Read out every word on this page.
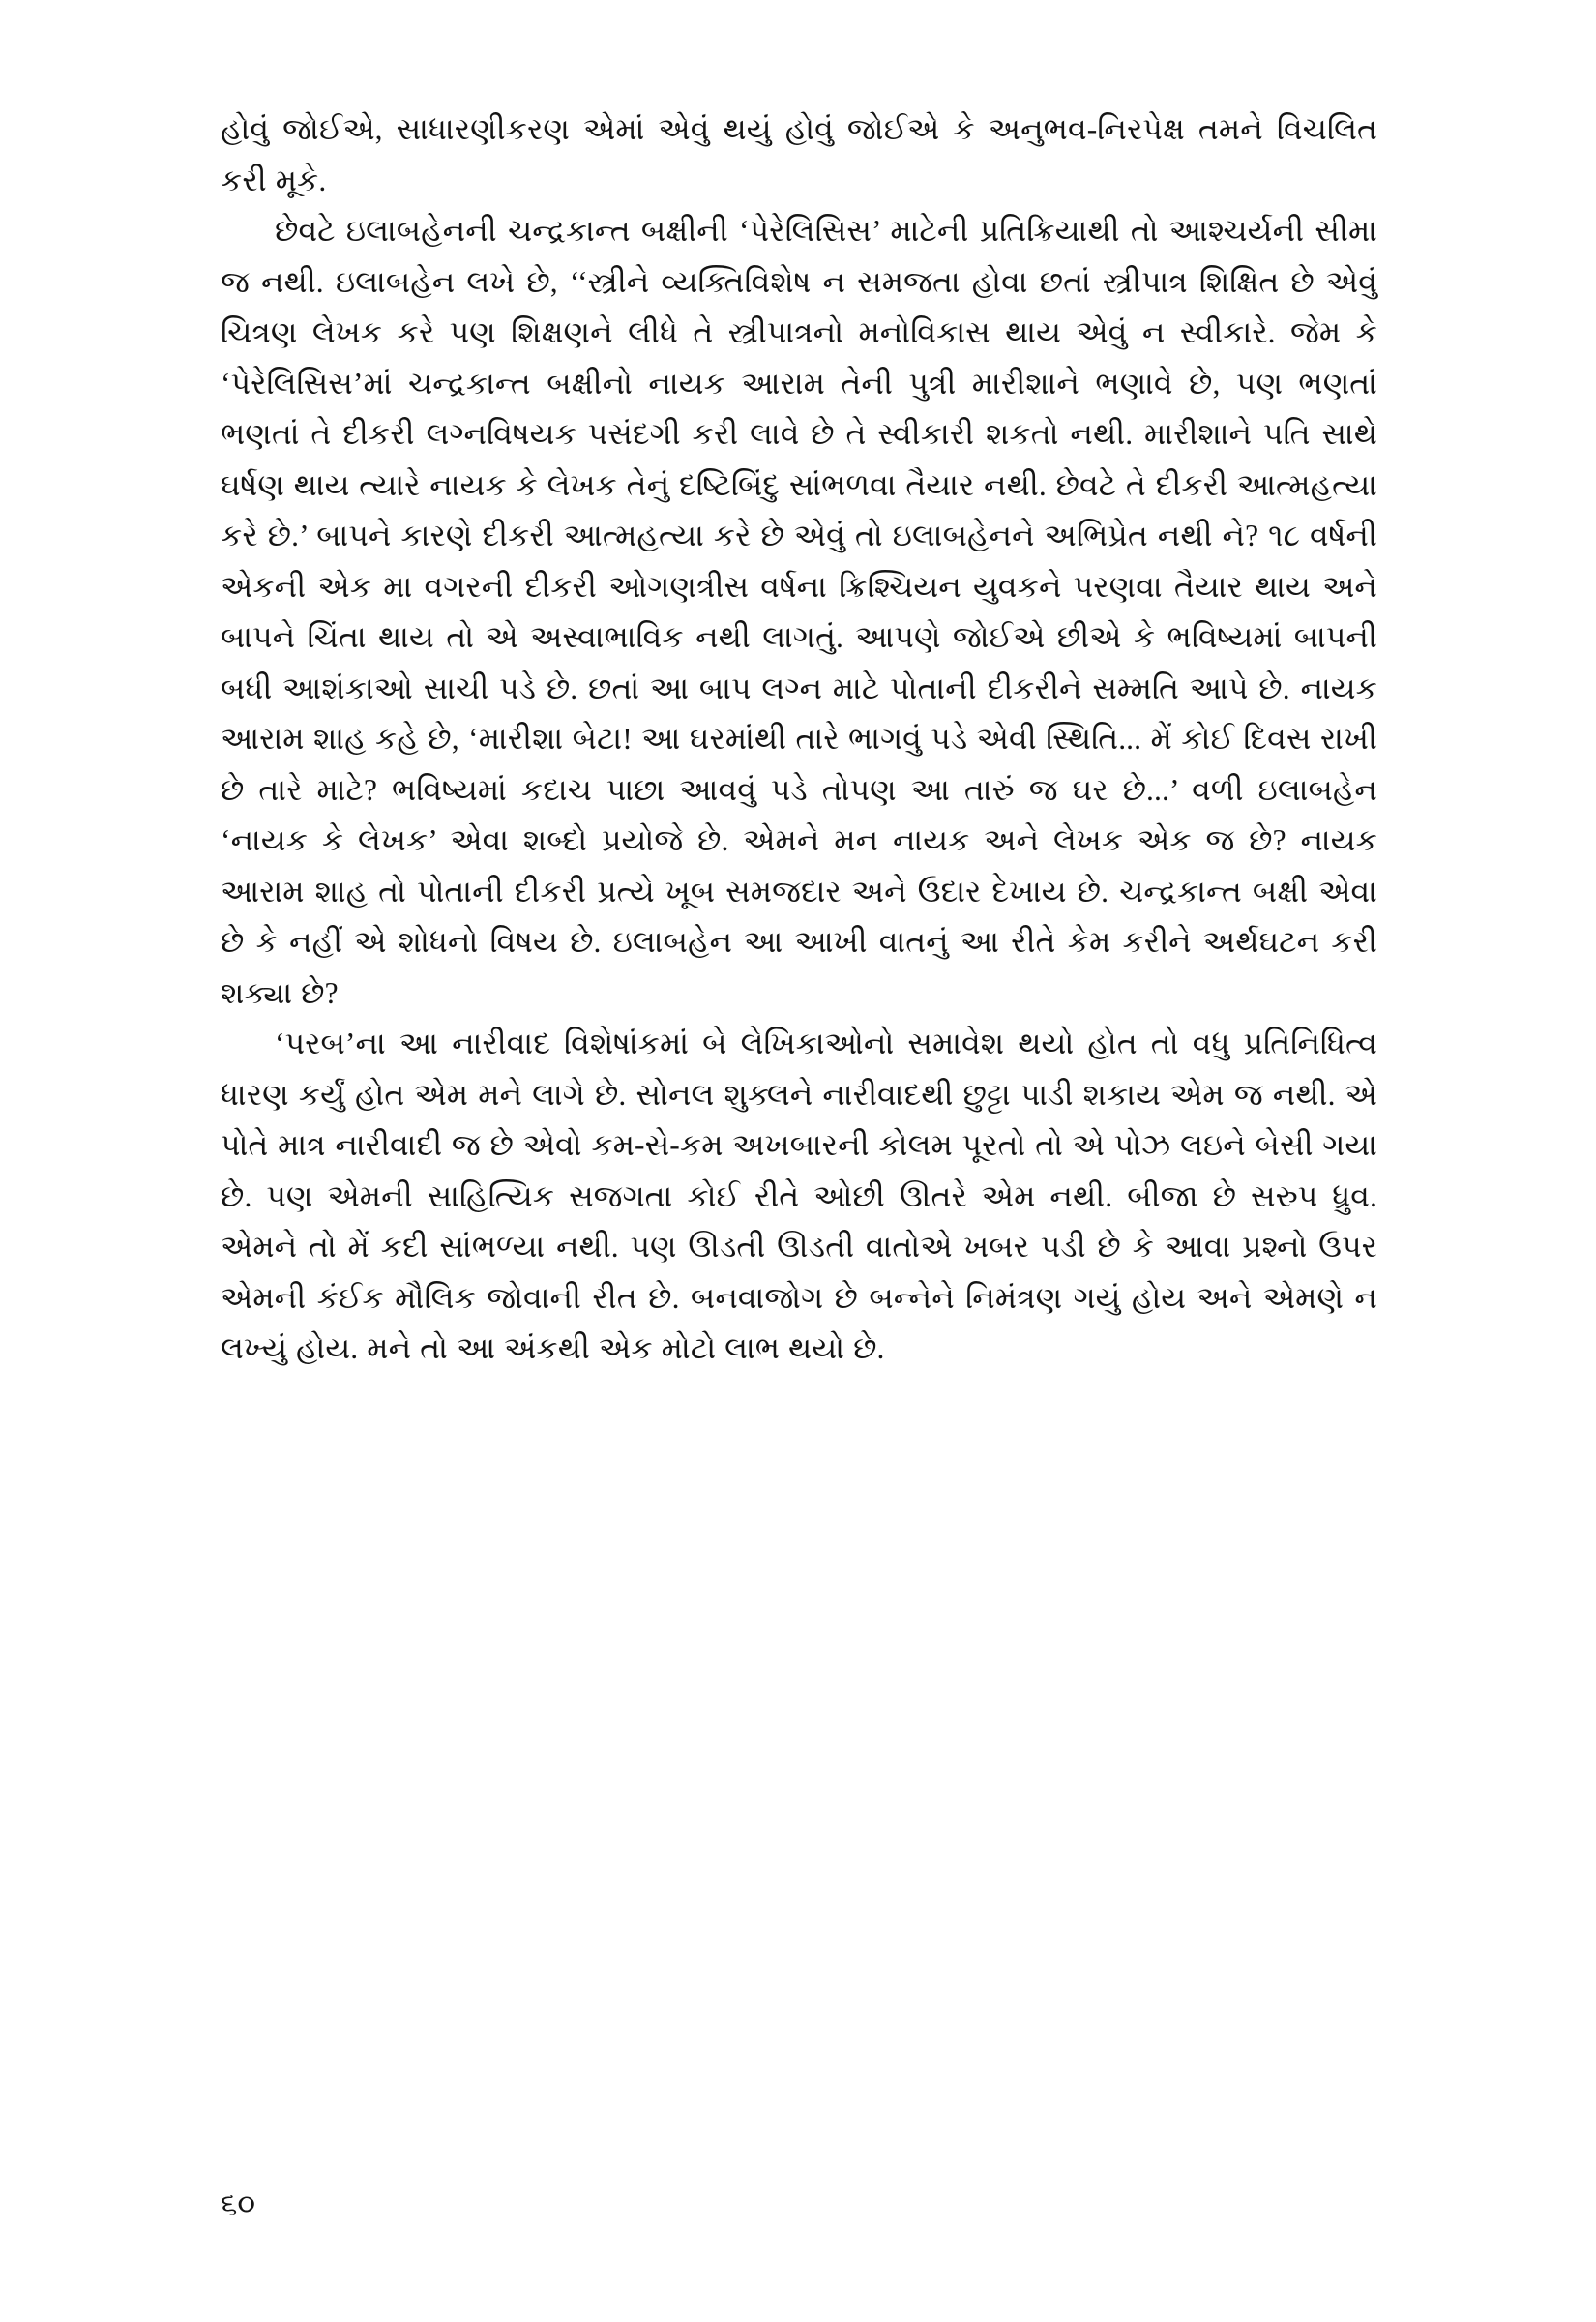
હોવું જોઈએ, સાધારણીકરણ એમાં એવું થયું હોવું જોઈએ કે અનુભવ-નિરપેક્ષ તમને વિચલિત કરી મૂકે.

છેવટે ઇલાબહેનની ચન્દ્રકાન્ત બક્ષીની ‘પેરેલિસિસ’ માટેની પ્રતિક્રિયાથી તો આશ્ચર્યની સીમા જ નથી. ઇલાબહેન લખે છે, ‘‘સ્ત્રીને વ્યક્તિવિશેષ ન સમજતા હોવા છતાં સ્ત્રીપાત્ર શિક્ષિત છે એવું ચિત્રણ લેખક કરે પણ શિક્ષણને લીધે તે સ્ત્રીપાત્રનો મનોવિકાસ થાય એવું ન સ્વીકારે. જેમ કે ‘પેરેલિસિસ’માં ચન્દ્રકાન્ત બક્ષીનો નાયક આરામ તેની પુત્રી મારીશાને ભણાવે છે, પણ ભણતાં ભણતાં તે દીકરી લગ્નવિષયક પસંદગી કરી લાવે છે તે સ્વીકારી શકતો નથી. મારીશાને પતિ સાથે ઘર્ષણ થાય ત્યારે નાયક કે લેખક તેનું દષ્ટિબિંદુ સાંભળવા તૈયાર નથી. છેવટે તે દીકરી આત્મહત્યા કરે છે.’ બાપને કારણે દીકરી આત્મહત્યા કરે છે એવું તો ઇલાબહેનને અભિપ્રેત નથી ને? ૧૮ વર્ષની એકની એક મા વગરની દીકરી ઓગણત્રીસ વર્ષના ક્રિશ્ચિયન યુવકને પરણવા તૈયાર થાય અને બાપને ચિંતા થાય તો એ અસ્વાભાવિક નથી લાગતું. આપણે જોઈએ છીએ કે ભવિષ્યમાં બાપની બધી આશંકાઓ સાચી પડે છે. છતાં આ બાપ લગ્ન માટે પોતાની દીકરીને સમ્મતિ આપે છે. નાયક આરામ શાહ કહે છે, ‘મારીશા બેટા! આ ઘરમાંથી તારે ભાગવું પડે એવી સ્થિતિ... મેં કોઈ દિવસ રાખી છે તારે માટે? ભવિષ્યમાં કદાચ પાછા આવવું પડે તોપણ આ તારું જ ઘર છે...’ વળી ઇલાબહેન ‘નાયક કે લેખક’ એવા શબ્દો પ્રયોજે છે. એમને મન નાયક અને લેખક એક જ છે? નાયક આરામ શાહ તો પોતાની દીકરી પ્રત્યે ખૂબ સમજદાર અને ઉદાર દેખાય છે. ચન્દ્રકાન્ત બક્ષી એવા છે કે નહીં એ શોધનો વિષય છે. ઇલાબહેન આ આખી વાતનું આ રીતે કેમ કરીને અર્થઘટન કરી શક્યા છે?

‘પરબ’ના આ નારીવાદ વિશેષાંકમાં બે લેખિકાઓનો સમાવેશ થયો હોત તો વધુ પ્રતિનિધિત્વ ધારણ કર્યું હોત એમ મને લાગે છે. સોનલ શુક્લને નારીવાદથી છુટ્ટા પાડી શકાય એમ જ નથી. એ પોતે માત્ર નારીવાદી જ છે એવો કમ-સે-કમ અખબારની કોલમ પૂરતો તો એ પોઝ લઇને બેસી ગયા છે. પણ એમની સાહિત્યિક સજગતા કોઈ રીતે ઓછી ઊતરે એમ નથી. બીજા છે સરુપ ધ્રુવ. એમને તો મેં કદી સાંભળ્યા નથી. પણ ઊડતી ઊડતી વાતોએ ખબર પડી છે કે આવા પ્રશ્નો ઉપર એમની કંઈક મૌલિક જોવાની રીત છે. બનવાજોગ છે બન્નેને નિમંત્રણ ગયું હોય અને એમણે ન લખ્યું હોય. મને તો આ અંકથી એક મોટો લાભ થયો છે.

૬૦
